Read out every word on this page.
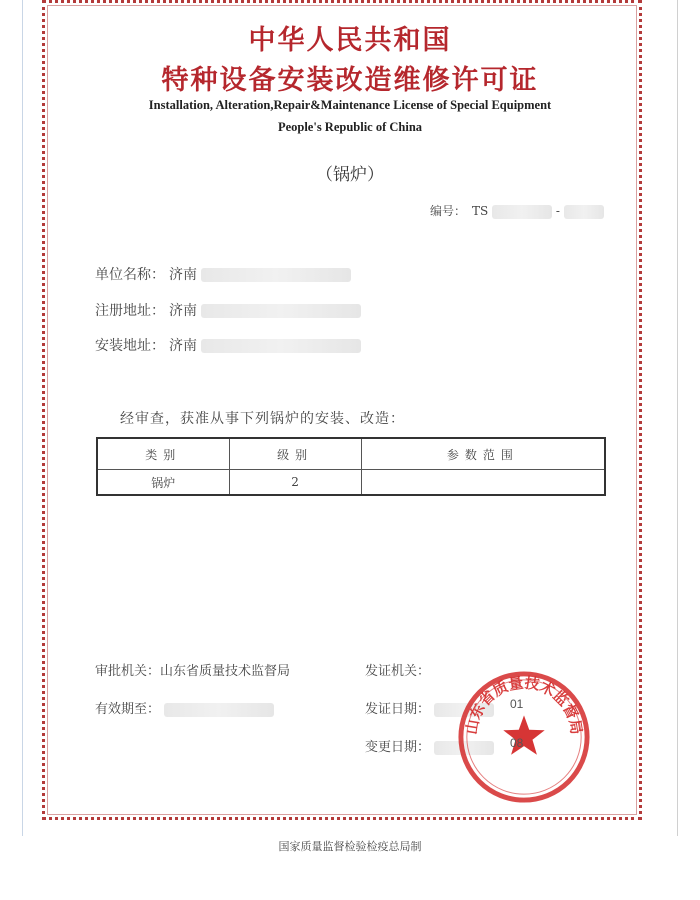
中华人民共和国
特种设备安装改造维修许可证
Installation, Alteration,Repair&Maintenance License of Special Equipment
People's Republic of China
（锅炉）
编号： TS	-
单位名称： 济南
注册地址： 济南
安装地址： 济南
经审查，获准从事下列锅炉的安装、改造：
类别	级别	参数范围
锅炉	2	
审批机关：山东省质量技术监督局	发证机关：
有效期至：	发证日期：
变更日期：
山东省质量技术监督局
01
08
国家质量监督检验检疫总局制
